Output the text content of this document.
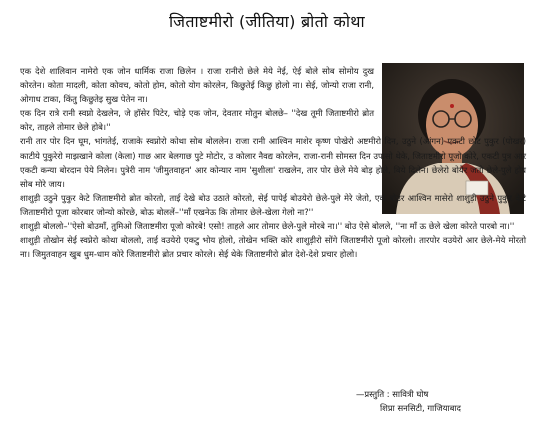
जिताष्टमीरो (जीतिया) ब्रोतो कोथा

एक देशे शालिवान नामेरो एक जोन धार्मिक राजा छिलेन । राजा रानीरो छेले मेये नेई, ऐई बोले सोब सोमोय दुख कोरतेन। कोता मादली, कोता कोवच, कोतो होम, कोतो योग कोरलेन, किछुतेई किछु होलो ना। सेई, जोन्यो राजा रानी, ओगाध टाका, किंतु किछुतेइ सुख पेतेन ना।

एक दिन रात्रे रानी स्वप्नो देखलेन, जे हॉसेर पिटेर, चोड़े एक जोन, देवतार मोतुन बोलछे– ''देख तूमी जिताष्टमीरो ब्रोत कोर, ताहले तोमार छेले होबे।''

रानी तार पोर दिन घूम, भांगतेई, राजाके स्वप्नोरो कोथा सोब बोललेन। राजा रानी आश्विन माशेर कृष्ण पोखेरो अष्टमीरो दिन, उठुने (आंगन) एकटी छोट पुकुर (पोखर) काटीये पुकुरेरो माझखाने कोला (केला) गाछ आर बेलगाछ पुटे मोटोर, उ कोलार नैवद्य कोरलेन, राजा-रानी सोमस्त दिन उपासो थेके, जिताष्टमीरो पूजो कोरे, एकटी पुत्र आर एकटी कन्या बोरदान पेये निलेन। पुत्रेरी नाम 'जीमुतवाहन' आर कोन्यार नाम 'सुशीला' राखलेन, तार पोर छेले मेये बोड़ होले, बिये दिलेन। छेलेरो बोयेर जतो छेले-पुले होय सोब मोरे जाय।

शाशुड़ी उठुने पुकुर केटे जिताष्टमीरो ब्रोत कोरतो, ताई देखे बोउ उठाते कोरतो, सेई पापेई बोउयेरो छेले-पुले मेरे जेतो, एक बोउर आश्विन मासेरो शाशुड़ी उठुने पुकुर केटे जिताष्टमीरो पूजा कोरबार जोन्यो कोरछे, बोऊ बोललें–''माँ एखनेऊ कि तोमार छेले-खेला गेलो ना?''

शाशुड़ी बोललो–''ऐसो बोउमाँ, तुमिओ जिताष्टमीरा पूजो कोरबे! एसो! ताहले आर तोमार छेले-पुले मोरबे ना।'' बोउ ऐसे बोलले, ''ना माँ ऊ छेले खेला कोरते पारबो ना।''

शाशुड़ी तोखोन सेई स्वप्नेरो कोथा बोललो, ताई वउयेरो एकटु भोय होलो, तोखेन भक्ति कोरे शाशुड़ीरो सोंगे जिताष्टमीरो पूजो कोरलो। तारपोर वउयेरो आर छेले-मेये मोरतो ना। जिमुतवाहन खुब धुम-धाम कोरे जिताष्टमीरो ब्रोत प्रचार कोरले। सेई थेके जिताष्टमीरो ब्रोत देशे-देशे प्रचार होलो।

—प्रस्तुति : सावित्री घोष
शिप्रा सनसिटी, गाजियाबाद
